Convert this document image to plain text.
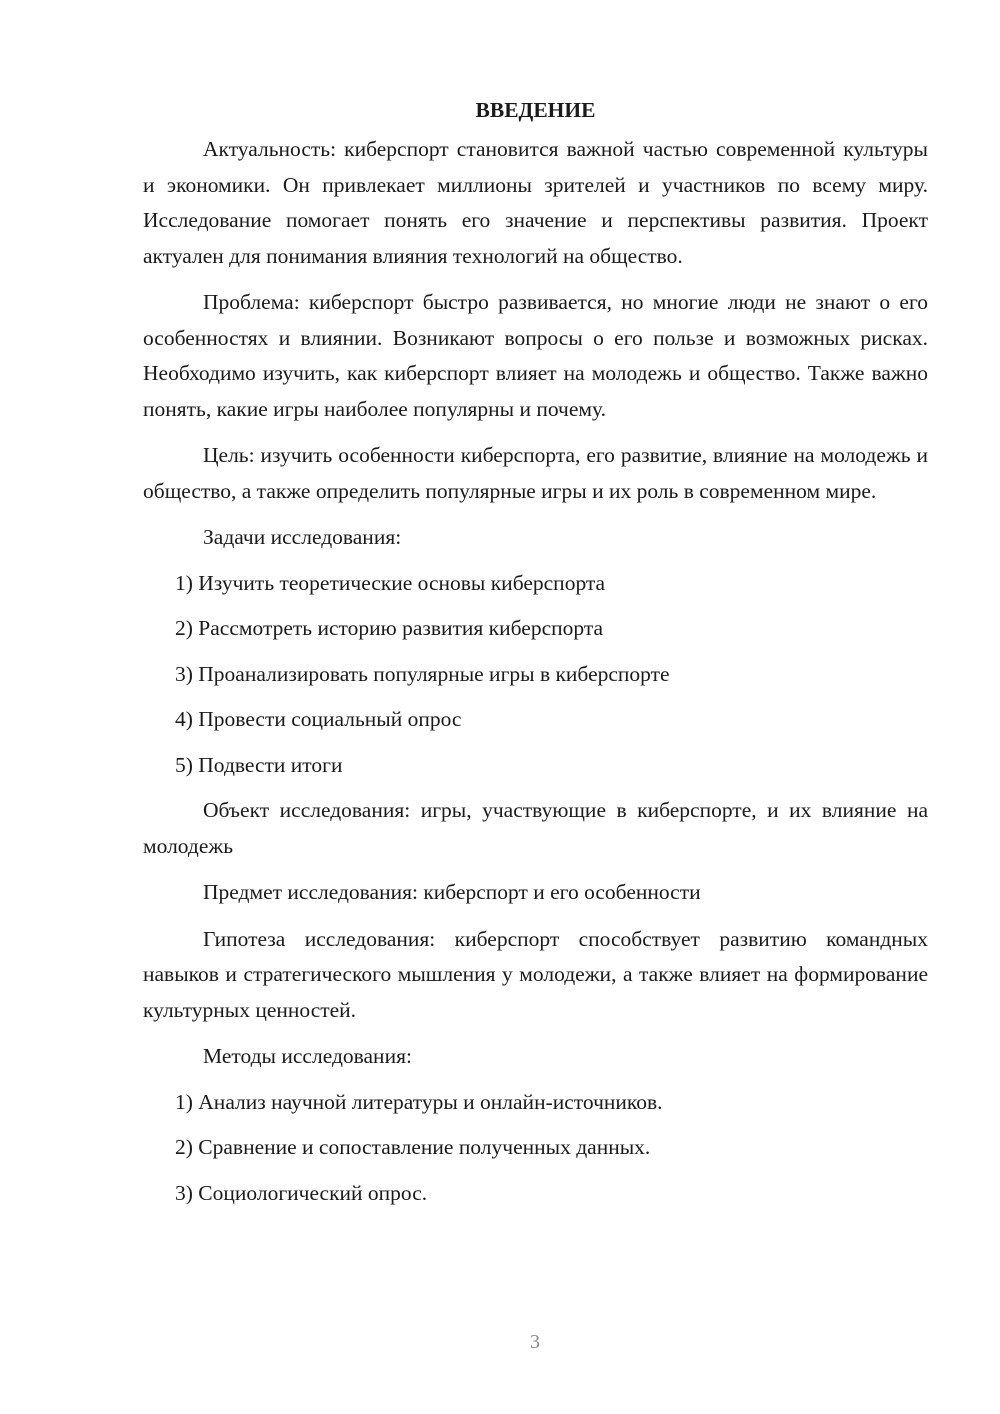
ВВЕДЕНИЕ
Актуальность: киберспорт становится важной частью современной культуры и экономики. Он привлекает миллионы зрителей и участников по всему миру. Исследование помогает понять его значение и перспективы развития. Проект актуален для понимания влияния технологий на общество.
Проблема: киберспорт быстро развивается, но многие люди не знают о его особенностях и влиянии. Возникают вопросы о его пользе и возможных рисках. Необходимо изучить, как киберспорт влияет на молодежь и общество. Также важно понять, какие игры наиболее популярны и почему.
Цель: изучить особенности киберспорта, его развитие, влияние на молодежь и общество, а также определить популярные игры и их роль в современном мире.
Задачи исследования:
1) Изучить теоретические основы киберспорта
2) Рассмотреть историю развития киберспорта
3) Проанализировать популярные игры в киберспорте
4) Провести социальный опрос
5) Подвести итоги
Объект исследования: игры, участвующие в киберспорте, и их влияние на молодежь
Предмет исследования: киберспорт и его особенности
Гипотеза исследования: киберспорт способствует развитию командных навыков и стратегического мышления у молодежи, а также влияет на формирование культурных ценностей.
Методы исследования:
1) Анализ научной литературы и онлайн-источников.
2) Сравнение и сопоставление полученных данных.
3) Социологический опрос.
3
